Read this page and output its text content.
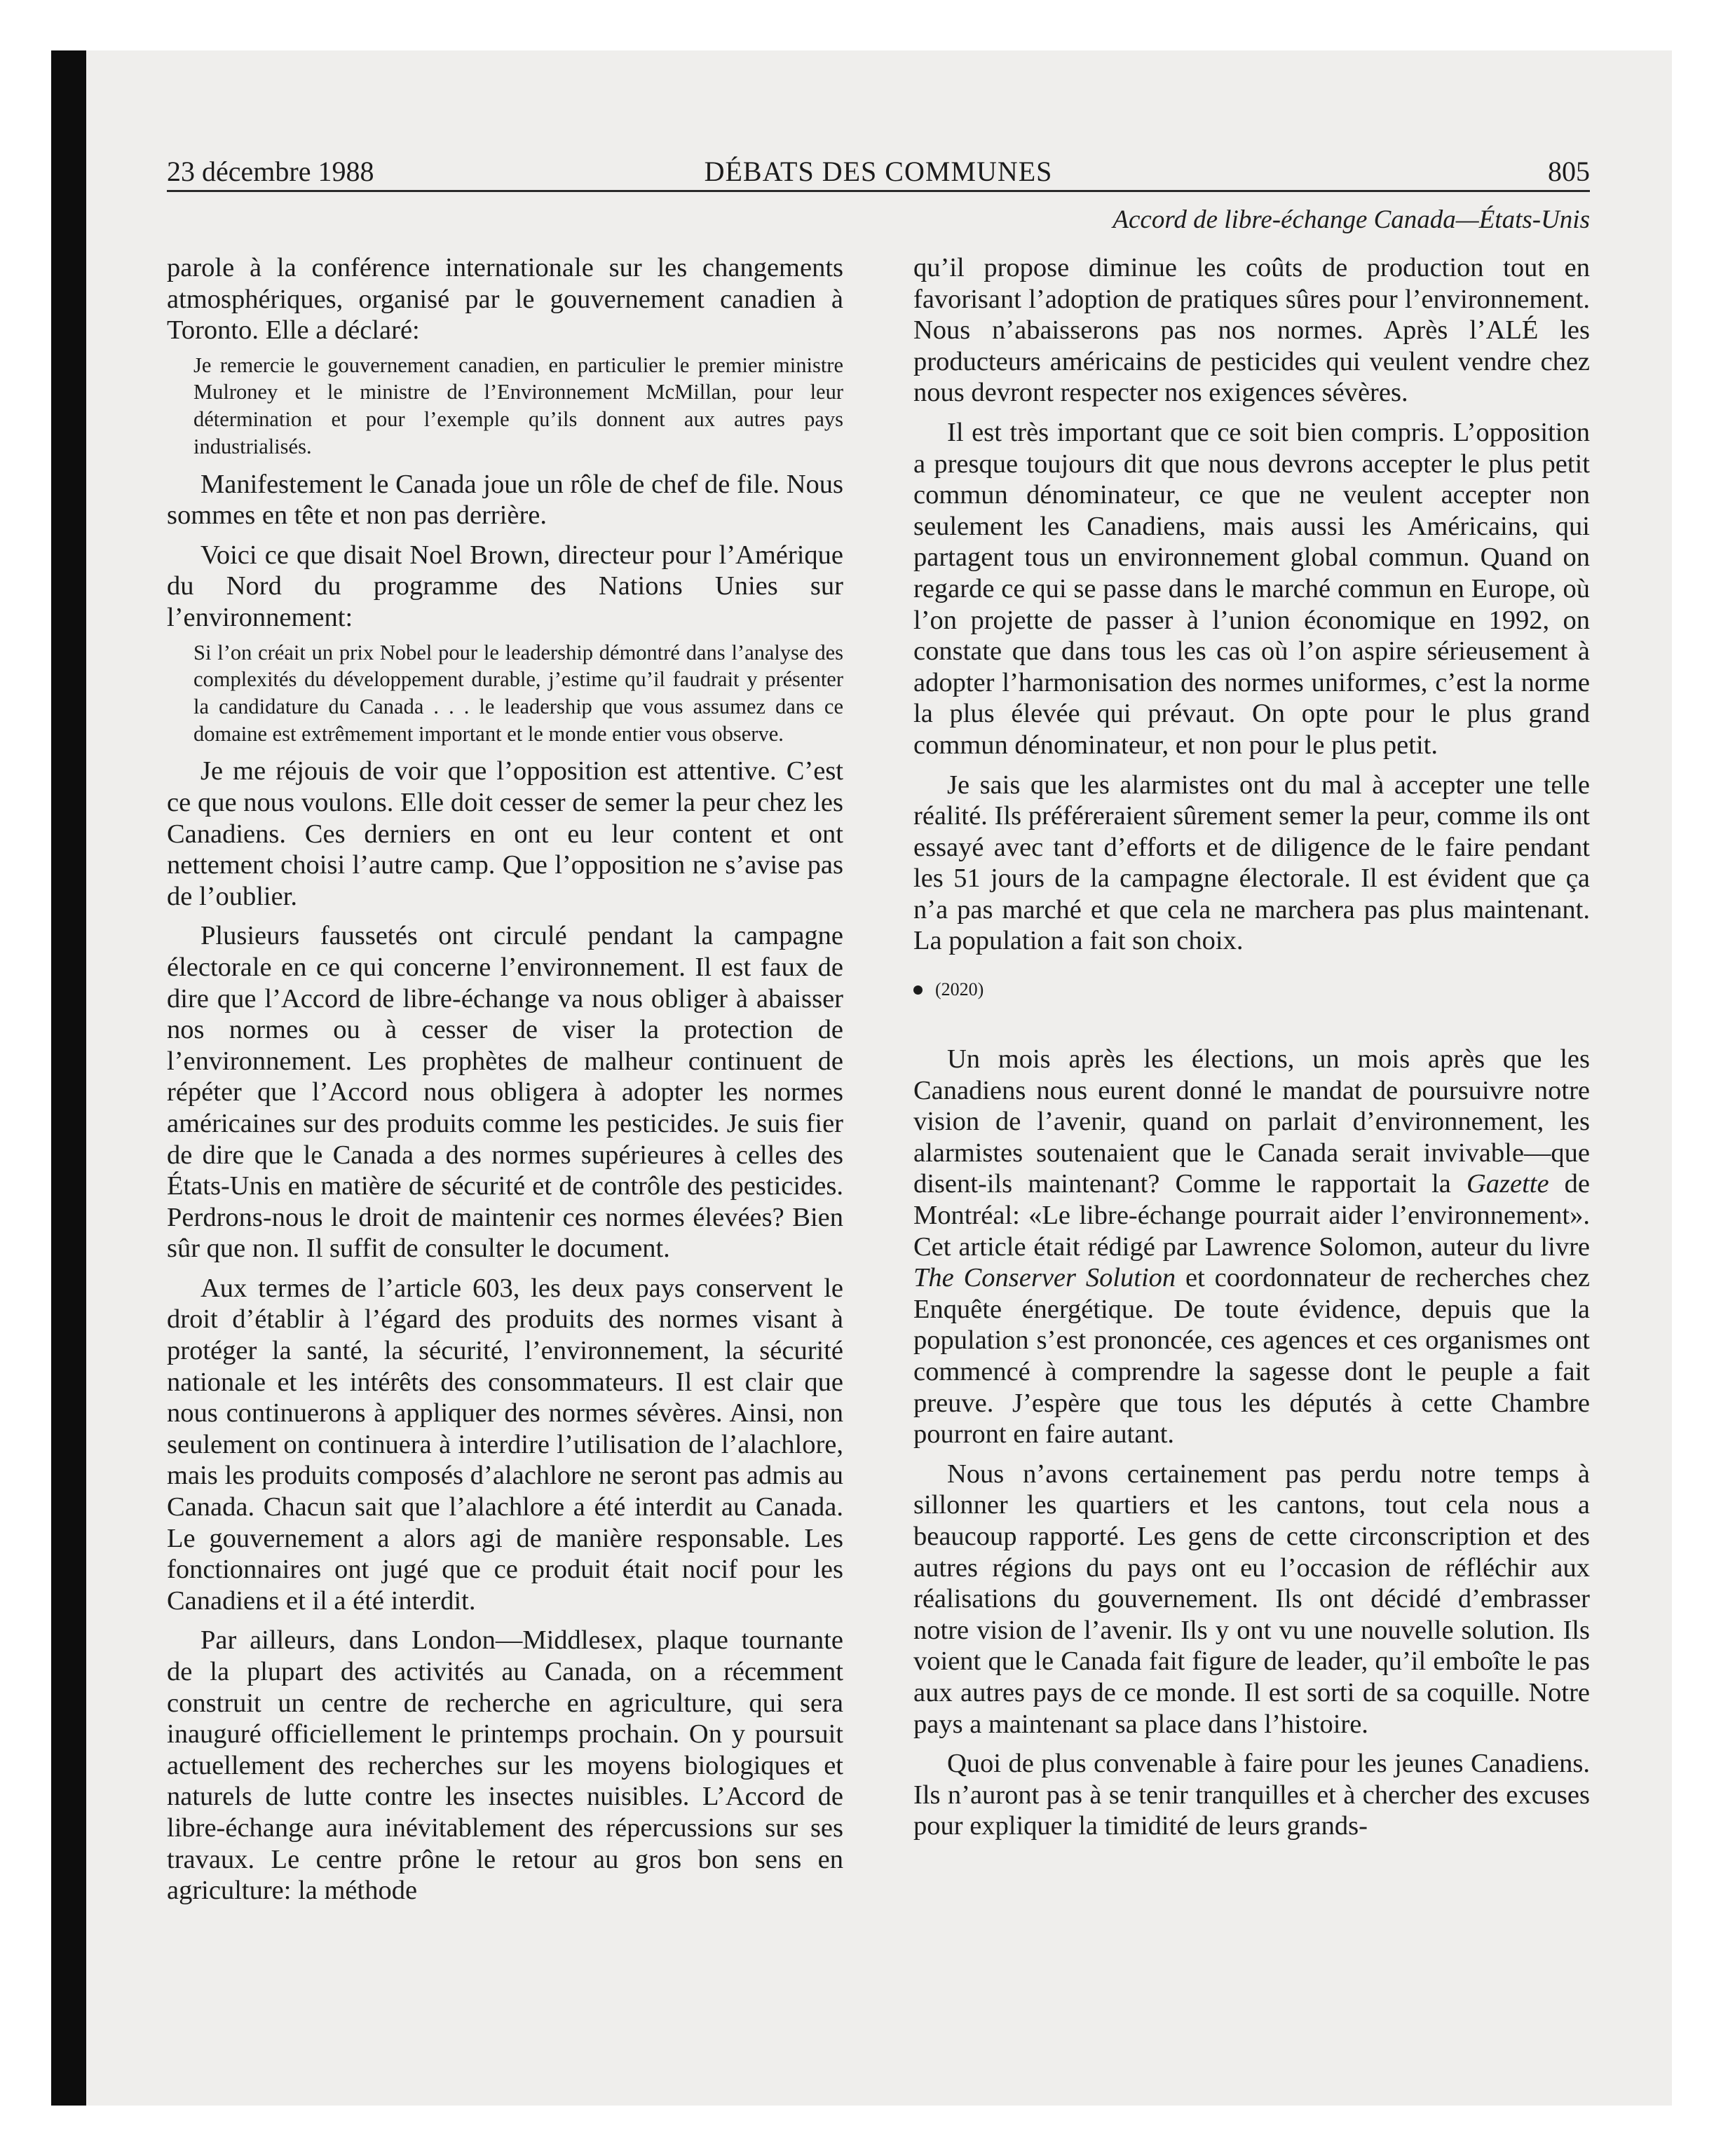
23 décembre 1988	DÉBATS DES COMMUNES	805
Accord de libre-échange Canada—États-Unis

parole à la conférence internationale sur les changements atmosphériques, organisé par le gouvernement canadien à Toronto. Elle a déclaré:

Je remercie le gouvernement canadien, en particulier le premier ministre Mulroney et le ministre de l’Environnement McMillan, pour leur détermination et pour l’exemple qu’ils donnent aux autres pays industrialisés.

Manifestement le Canada joue un rôle de chef de file. Nous sommes en tête et non pas derrière.

Voici ce que disait Noel Brown, directeur pour l’Amérique du Nord du programme des Nations Unies sur l’environnement:

Si l’on créait un prix Nobel pour le leadership démontré dans l’analyse des complexités du développement durable, j’estime qu’il faudrait y présenter la candidature du Canada . . . le leadership que vous assumez dans ce domaine est extrêmement important et le monde entier vous observe.

Je me réjouis de voir que l’opposition est attentive. C’est ce que nous voulons. Elle doit cesser de semer la peur chez les Canadiens. Ces derniers en ont eu leur content et ont nettement choisi l’autre camp. Que l’opposition ne s’avise pas de l’oublier.

Plusieurs faussetés ont circulé pendant la campagne électorale en ce qui concerne l’environnement. Il est faux de dire que l’Accord de libre-échange va nous obliger à abaisser nos normes ou à cesser de viser la protection de l’environnement. Les prophètes de malheur continuent de répéter que l’Accord nous obligera à adopter les normes américaines sur des produits comme les pesticides. Je suis fier de dire que le Canada a des normes supérieures à celles des États-Unis en matière de sécurité et de contrôle des pesticides. Perdrons-nous le droit de maintenir ces normes élevées? Bien sûr que non. Il suffit de consulter le document.

Aux termes de l’article 603, les deux pays conservent le droit d’établir à l’égard des produits des normes visant à protéger la santé, la sécurité, l’environnement, la sécurité nationale et les intérêts des consommateurs. Il est clair que nous continuerons à appliquer des normes sévères. Ainsi, non seulement on continuera à interdire l’utilisation de l’alachlore, mais les produits composés d’alachlore ne seront pas admis au Canada. Chacun sait que l’alachlore a été interdit au Canada. Le gouvernement a alors agi de manière responsable. Les fonctionnaires ont jugé que ce produit était nocif pour les Canadiens et il a été interdit.

Par ailleurs, dans London—Middlesex, plaque tournante de la plupart des activités au Canada, on a récemment construit un centre de recherche en agriculture, qui sera inauguré officiellement le printemps prochain. On y poursuit actuellement des recherches sur les moyens biologiques et naturels de lutte contre les insectes nuisibles. L’Accord de libre-échange aura inévitablement des répercussions sur ses travaux. Le centre prône le retour au gros bon sens en agriculture: la méthode

qu’il propose diminue les coûts de production tout en favorisant l’adoption de pratiques sûres pour l’environnement. Nous n’abaisserons pas nos normes. Après l’ALÉ les producteurs américains de pesticides qui veulent vendre chez nous devront respecter nos exigences sévères.

Il est très important que ce soit bien compris. L’opposition a presque toujours dit que nous devrons accepter le plus petit commun dénominateur, ce que ne veulent accepter non seulement les Canadiens, mais aussi les Américains, qui partagent tous un environnement global commun. Quand on regarde ce qui se passe dans le marché commun en Europe, où l’on projette de passer à l’union économique en 1992, on constate que dans tous les cas où l’on aspire sérieusement à adopter l’harmonisation des normes uniformes, c’est la norme la plus élevée qui prévaut. On opte pour le plus grand commun dénominateur, et non pour le plus petit.

Je sais que les alarmistes ont du mal à accepter une telle réalité. Ils préféreraient sûrement semer la peur, comme ils ont essayé avec tant d’efforts et de diligence de le faire pendant les 51 jours de la campagne électorale. Il est évident que ça n’a pas marché et que cela ne marchera pas plus maintenant. La population a fait son choix.

(2020)

Un mois après les élections, un mois après que les Canadiens nous eurent donné le mandat de poursuivre notre vision de l’avenir, quand on parlait d’environnement, les alarmistes soutenaient que le Canada serait invivable—que disent-ils maintenant? Comme le rapportait la Gazette de Montréal: «Le libre-échange pourrait aider l’environnement». Cet article était rédigé par Lawrence Solomon, auteur du livre The Conserver Solution et coordonnateur de recherches chez Enquête énergétique. De toute évidence, depuis que la population s’est prononcée, ces agences et ces organismes ont commencé à comprendre la sagesse dont le peuple a fait preuve. J’espère que tous les députés à cette Chambre pourront en faire autant.

Nous n’avons certainement pas perdu notre temps à sillonner les quartiers et les cantons, tout cela nous a beaucoup rapporté. Les gens de cette circonscription et des autres régions du pays ont eu l’occasion de réfléchir aux réalisations du gouvernement. Ils ont décidé d’embrasser notre vision de l’avenir. Ils y ont vu une nouvelle solution. Ils voient que le Canada fait figure de leader, qu’il emboîte le pas aux autres pays de ce monde. Il est sorti de sa coquille. Notre pays a maintenant sa place dans l’histoire.

Quoi de plus convenable à faire pour les jeunes Canadiens. Ils n’auront pas à se tenir tranquilles et à chercher des excuses pour expliquer la timidité de leurs grands-
